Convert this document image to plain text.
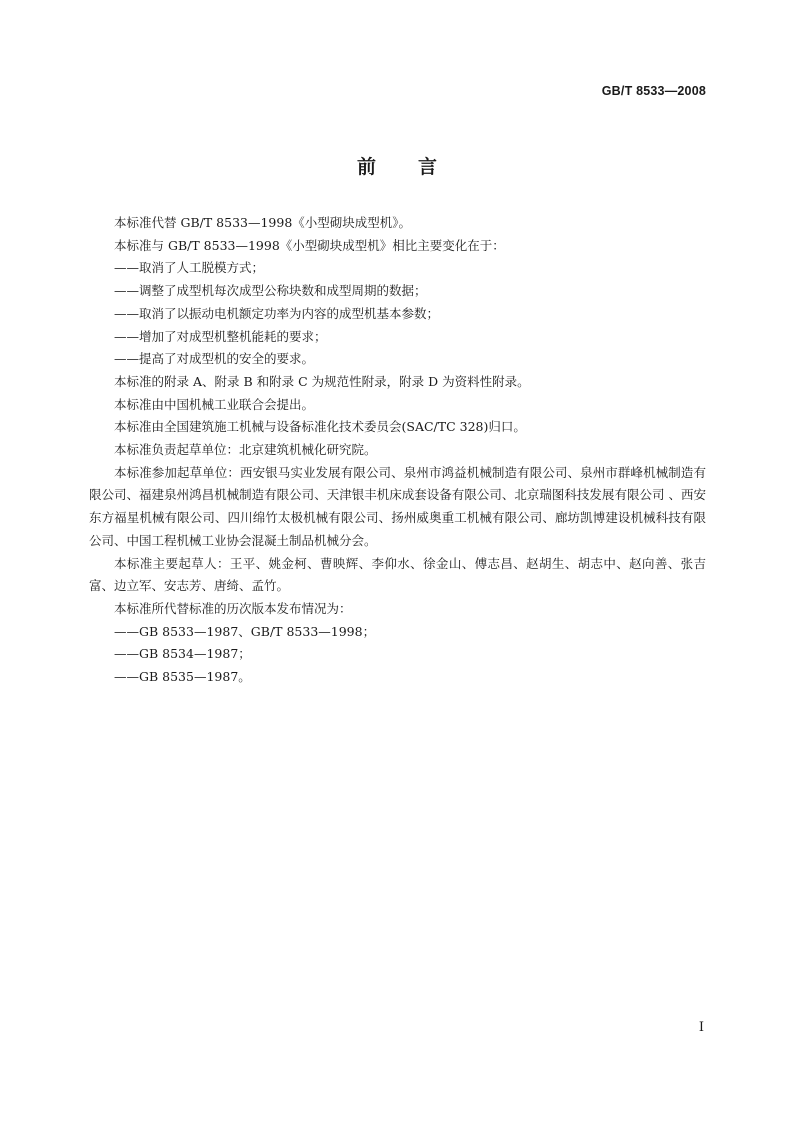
GB/T 8533—2008
前言

本标准代替 GB/T 8533—1998《小型砌块成型机》。

本标准与 GB/T 8533—1998《小型砌块成型机》相比主要变化在于：

——取消了人工脱模方式；

——调整了成型机每次成型公称块数和成型周期的数据；

——取消了以振动电机额定功率为内容的成型机基本参数；

——增加了对成型机整机能耗的要求；

——提高了对成型机的安全的要求。

本标准的附录 A、附录 B 和附录 C 为规范性附录，附录 D 为资料性附录。

本标准由中国机械工业联合会提出。

本标准由全国建筑施工机械与设备标准化技术委员会(SAC/TC 328)归口。

本标准负责起草单位：北京建筑机械化研究院。

本标准参加起草单位：西安银马实业发展有限公司、泉州市鸿益机械制造有限公司、泉州市群峰机械制造有限公司、福建泉州鸿昌机械制造有限公司、天津银丰机床成套设备有限公司、北京瑞图科技发展有限公司 、西安东方福星机械有限公司、四川绵竹太极机械有限公司、扬州威奥重工机械有限公司、廊坊凯博建设机械科技有限公司、中国工程机械工业协会混凝土制品机械分会。

本标准主要起草人：王平、姚金柯、曹映辉、李仰水、徐金山、傅志昌、赵胡生、胡志中、赵向善、张吉富、边立军、安志芳、唐绮、孟竹。

本标准所代替标准的历次版本发布情况为：

——GB 8533—1987、GB/T 8533—1998；

——GB 8534—1987；

——GB 8535—1987。

I
